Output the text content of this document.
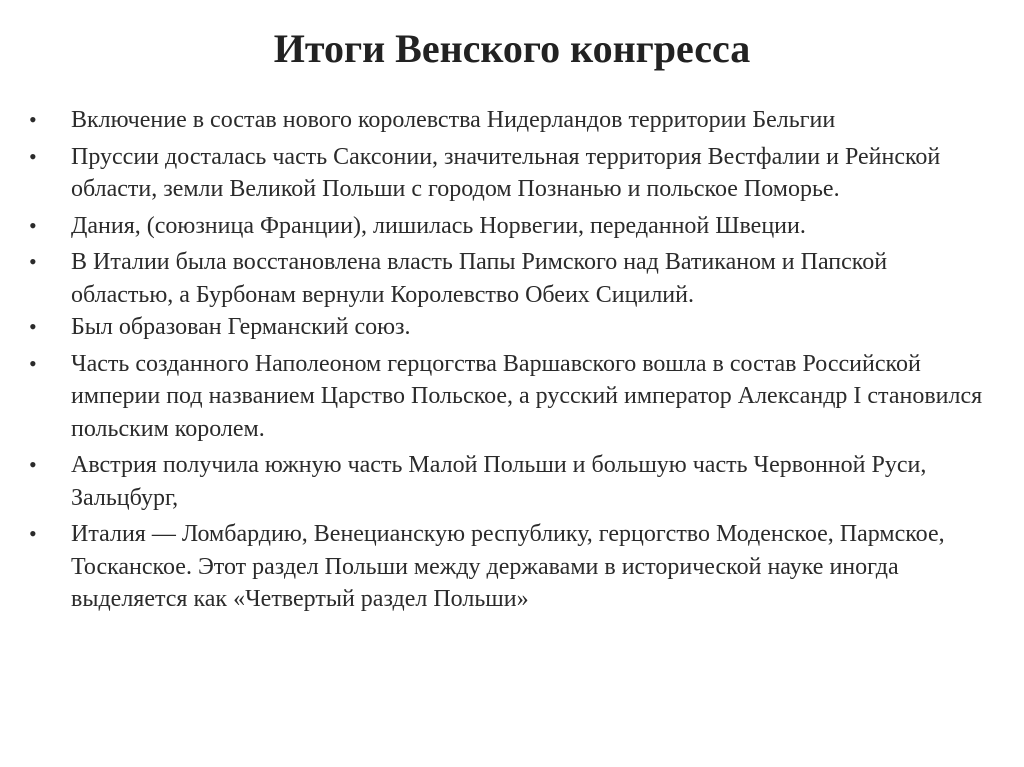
Итоги Венского конгресса
• Включение в состав нового королевства Нидерландов территории Бельгии
• Пруссии досталась часть Саксонии, значительная территория Вестфалии и Рейнской области, земли Великой Польши с городом Познанью и польское Поморье.
• Дания, (союзница Франции), лишилась Норвегии, переданной Швеции.
• В Италии была восстановлена власть Папы Римского над Ватиканом и Папской областью, а Бурбонам вернули Королевство Обеих Сицилий.
• Был образован Германский союз.
• Часть созданного Наполеоном герцогства Варшавского вошла в состав Российской империи под названием Царство Польское, а русский император Александр I становился польским королем.
• Австрия получила южную часть Малой Польши и большую часть Червонной Руси, Зальцбург,
• Италия — Ломбардию, Венецианскую республику, герцогство Моденское, Пармское, Тосканское. Этот раздел Польши между державами в исторической науке иногда выделяется как «Четвертый раздел Польши»
